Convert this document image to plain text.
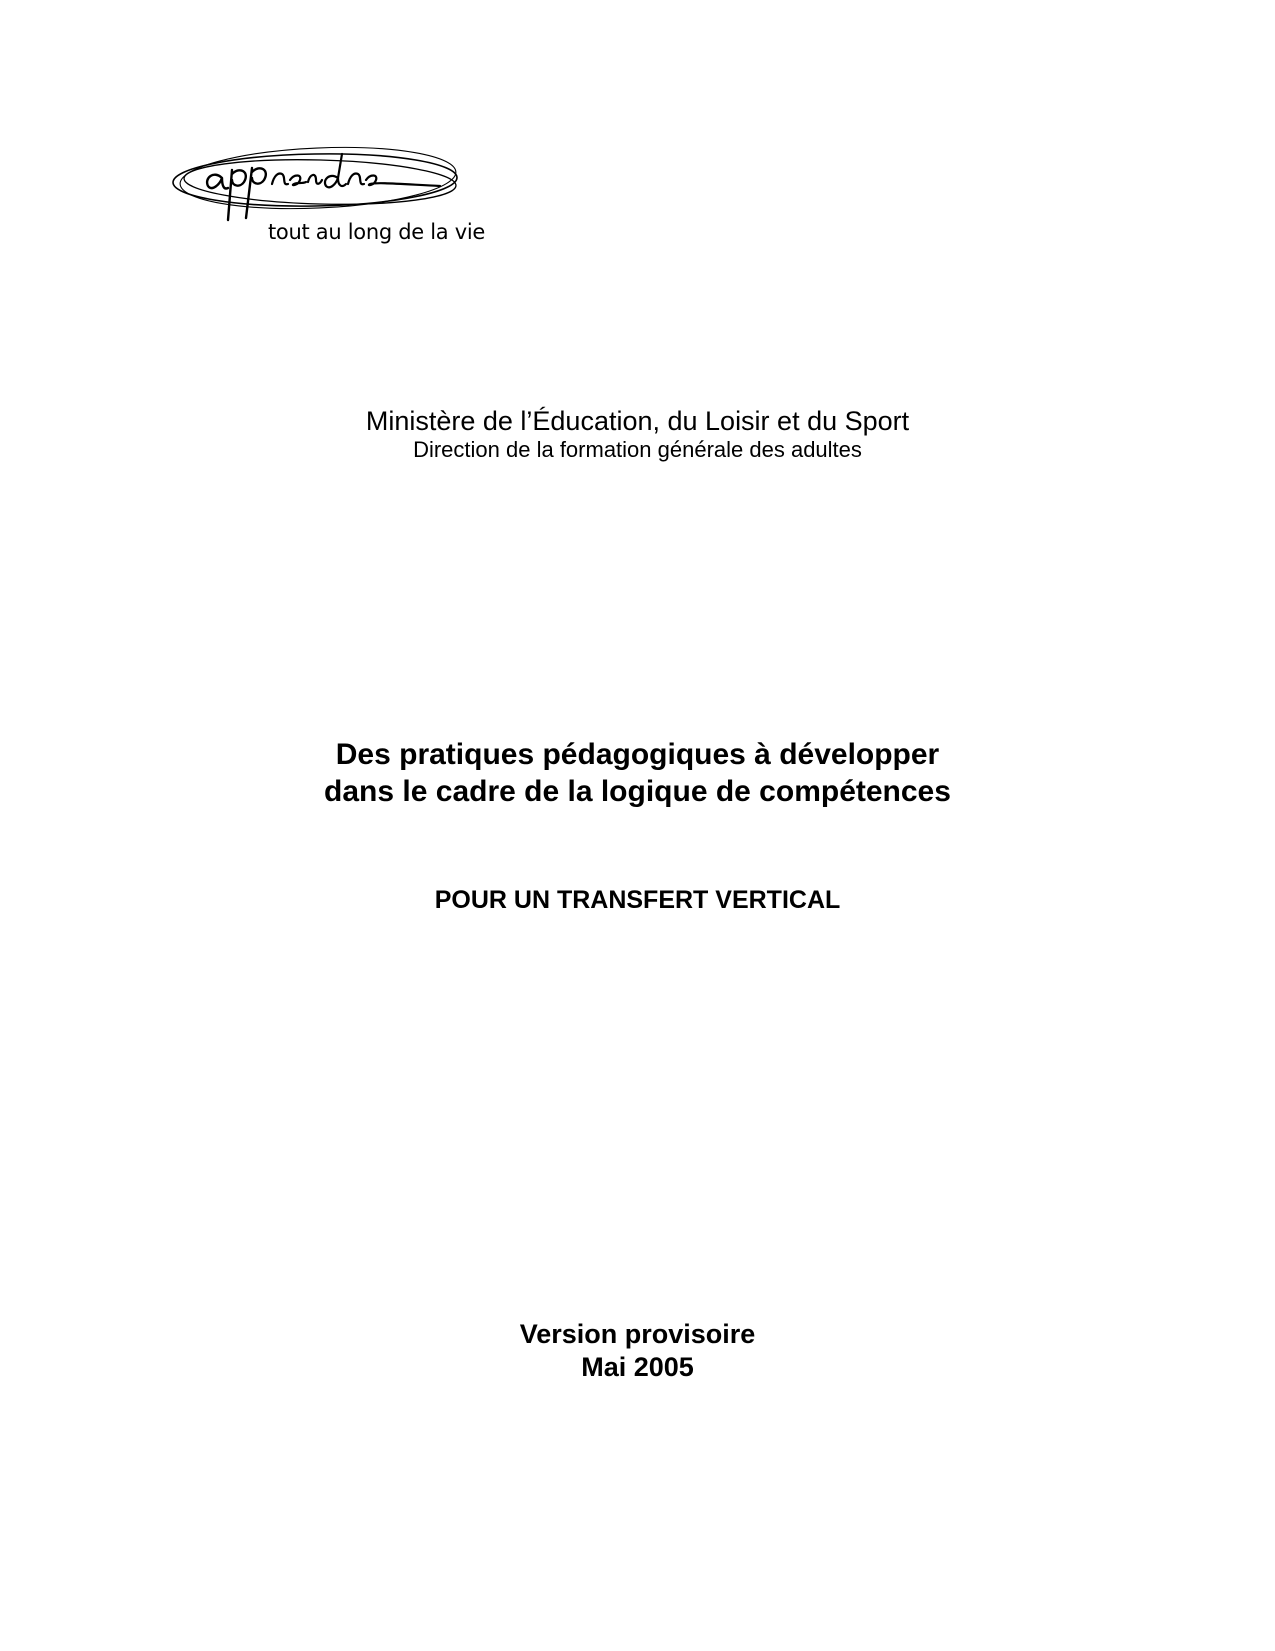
tout au long de la vie
Ministère de l’Éducation, du Loisir et du Sport
Direction de la formation générale des adultes
Des pratiques pédagogiques à développer
dans le cadre de la logique de compétences
POUR UN TRANSFERT VERTICAL
Version provisoire
Mai 2005
